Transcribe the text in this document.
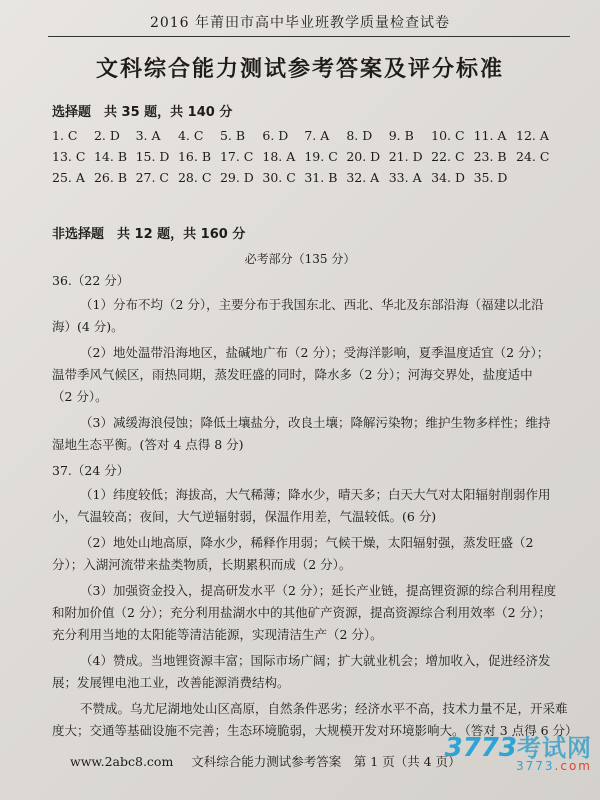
2016 年莆田市高中毕业班教学质量检查试卷
文科综合能力测试参考答案及评分标准
选择题　共 35 题，共 140 分
1. C	2. D	3. A	4. C	5. B	6. D	7. A	8. D	9. B	10. C 11. A 12. A
13. C 14. B 15. D 16. B 17. C 18. A 19. C 20. D 21. D 22. C 23. B 24. C
25. A 26. B 27. C 28. C 29. D 30. C 31. B 32. A 33. A 34. D 35. D
非选择题　共 12 题，共 160 分
必考部分（135 分）
36.（22 分）
（1）分布不均（2 分），主要分布于我国东北、西北、华北及东部沿海（福建以北沿
海）(4 分)。
（2）地处温带沿海地区，盐碱地广布（2 分）；受海洋影响，夏季温度适宜（2 分）；
温带季风气候区，雨热同期，蒸发旺盛的同时，降水多（2 分）；河海交界处，盐度适中
（2 分）。
（3）减缓海浪侵蚀；降低土壤盐分，改良土壤；降解污染物；维护生物多样性；维持
湿地生态平衡。(答对 4 点得 8 分)
37.（24 分）
（1）纬度较低；海拔高，大气稀薄；降水少，晴天多；白天大气对太阳辐射削弱作用
小，气温较高；夜间，大气逆辐射弱，保温作用差，气温较低。(6 分)
（2）地处山地高原，降水少，稀释作用弱；气候干燥，太阳辐射强，蒸发旺盛（2
分）；入湖河流带来盐类物质，长期累积而成（2 分）。
（3）加强资金投入，提高研发水平（2 分）；延长产业链，提高锂资源的综合利用程度
和附加价值（2 分）；充分利用盐湖水中的其他矿产资源，提高资源综合利用效率（2 分）；
充分利用当地的太阳能等清洁能源，实现清洁生产（2 分）。
（4）赞成。当地锂资源丰富；国际市场广阔；扩大就业机会；增加收入，促进经济发
展；发展锂电池工业，改善能源消费结构。
不赞成。乌尤尼湖地处山区高原，自然条件恶劣；经济水平不高，技术力量不足，开采难
度大；交通等基础设施不完善；生态环境脆弱，大规模开发对环境影响大。（答对 3 点得 6 分）
www.2abc8.com 文科综合能力测试参考答案　第 1 页（共 4 页）
3773考试网
3773.com
